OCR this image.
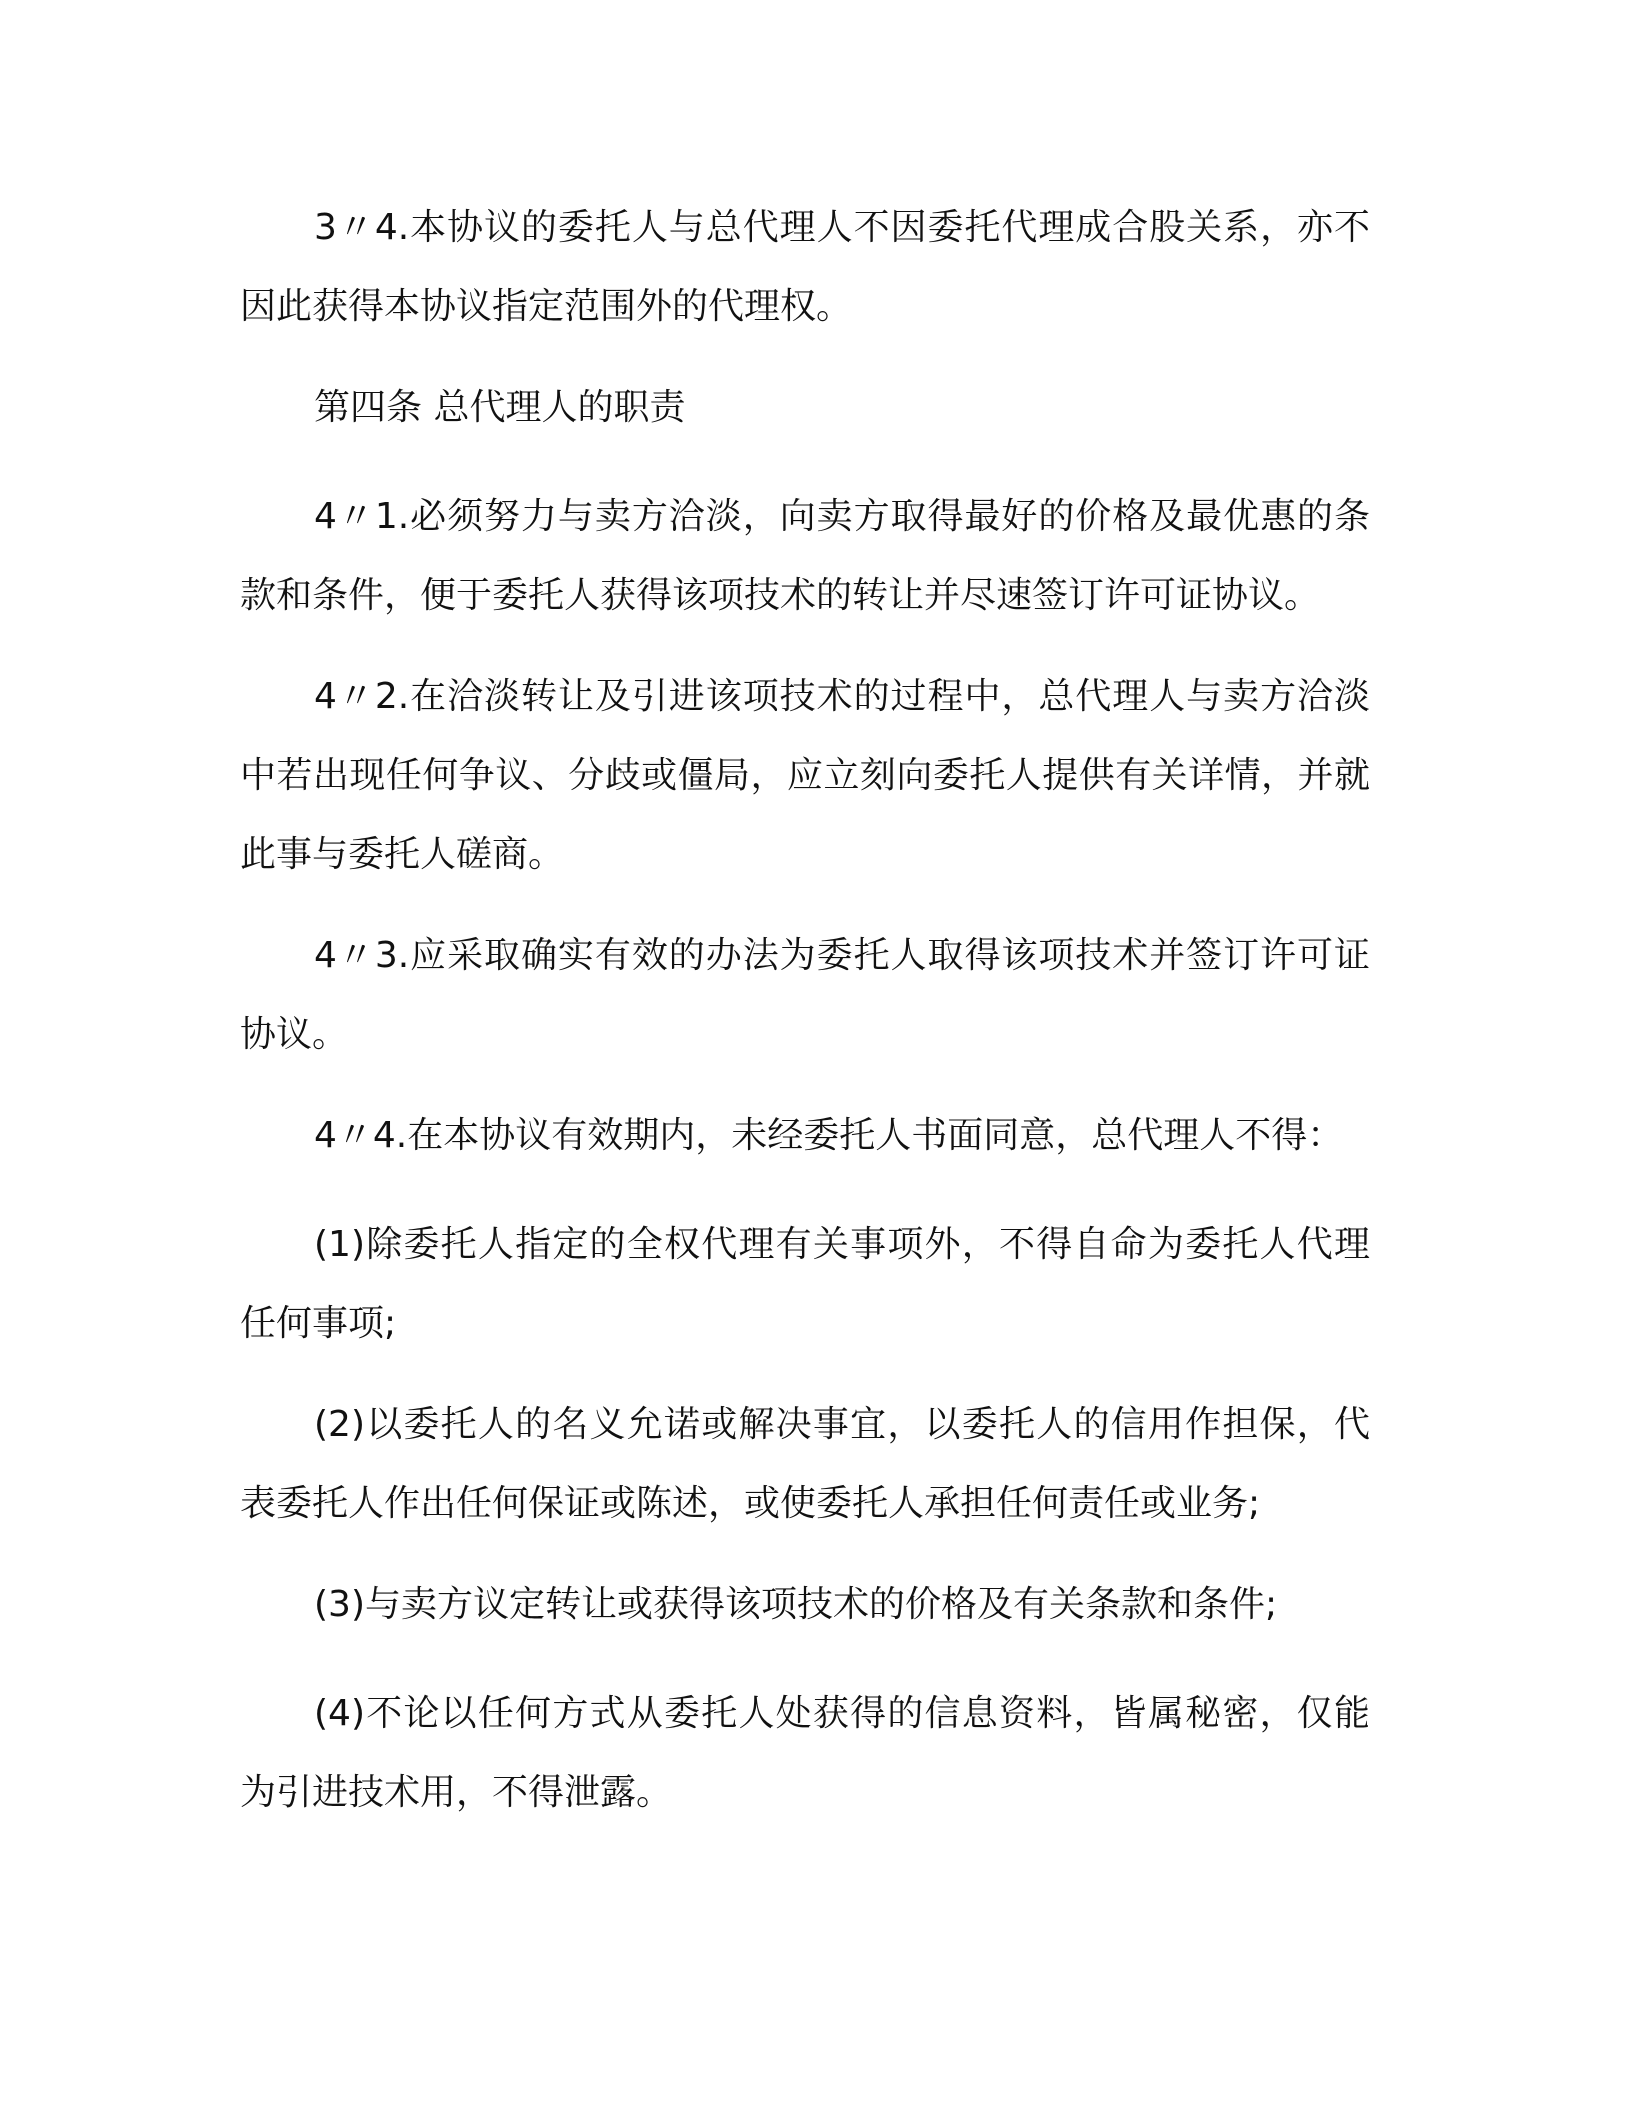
3〃4.本协议的委托人与总代理人不因委托代理成合股关系，亦不因此获得本协议指定范围外的代理权。

第四条 总代理人的职责

4〃1.必须努力与卖方洽淡，向卖方取得最好的价格及最优惠的条款和条件，便于委托人获得该项技术的转让并尽速签订许可证协议。

4〃2.在洽淡转让及引进该项技术的过程中，总代理人与卖方洽淡中若出现任何争议、分歧或僵局，应立刻向委托人提供有关详情，并就此事与委托人磋商。

4〃3.应采取确实有效的办法为委托人取得该项技术并签订许可证协议。

4〃4.在本协议有效期内，未经委托人书面同意，总代理人不得：

(1)除委托人指定的全权代理有关事项外，不得自命为委托人代理任何事项;

(2)以委托人的名义允诺或解决事宜，以委托人的信用作担保，代表委托人作出任何保证或陈述，或使委托人承担任何责任或业务;

(3)与卖方议定转让或获得该项技术的价格及有关条款和条件;

(4)不论以任何方式从委托人处获得的信息资料，皆属秘密，仅能为引进技术用，不得泄露。
